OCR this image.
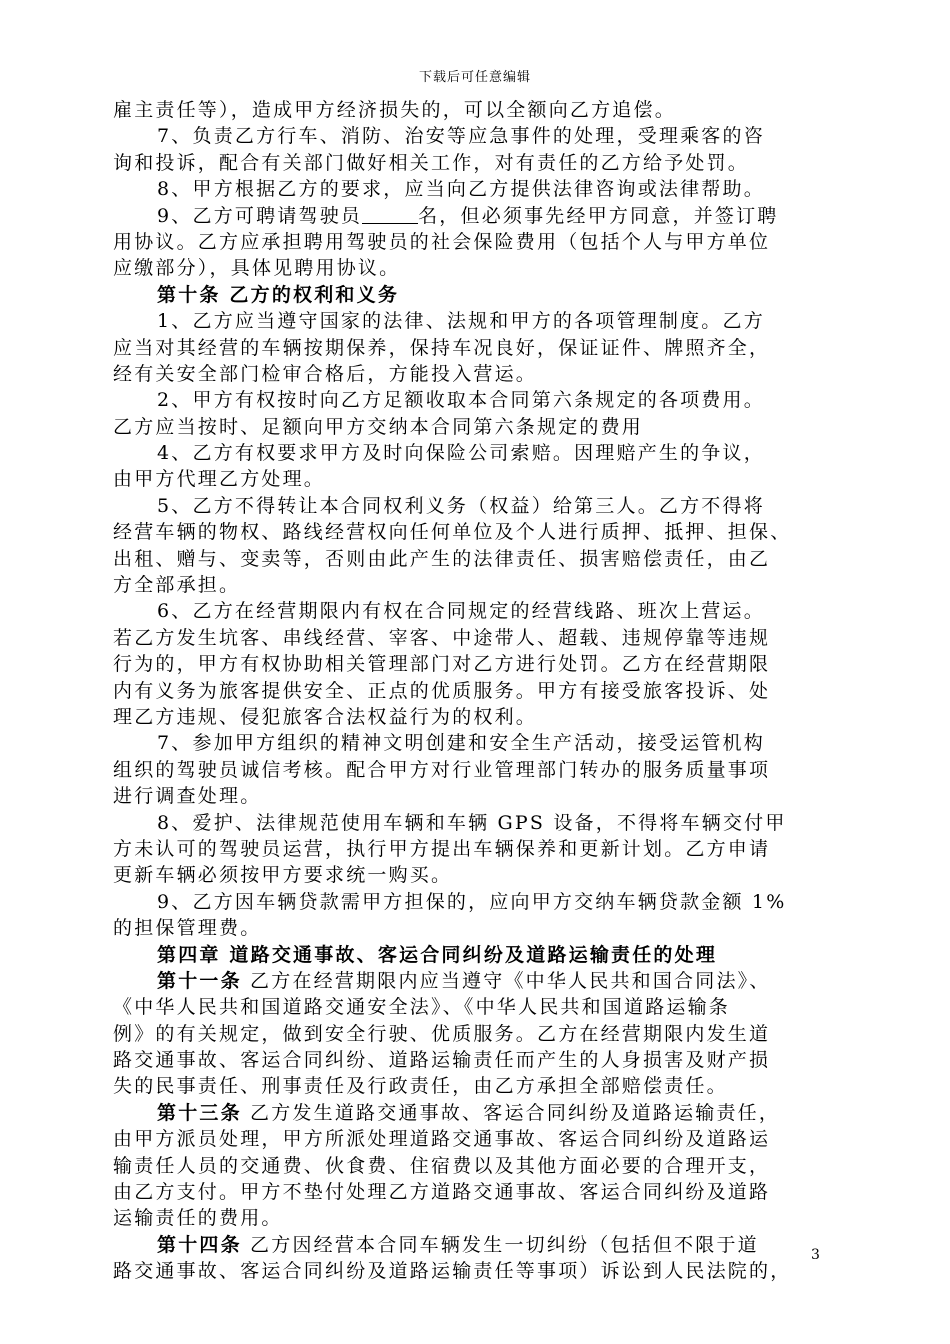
下载后可任意编辑
雇主责任等），造成甲方经济损失的，可以全额向乙方追偿。
7、负责乙方行车、消防、治安等应急事件的处理，受理乘客的咨
询和投诉，配合有关部门做好相关工作，对有责任的乙方给予处罚。
8、甲方根据乙方的要求，应当向乙方提供法律咨询或法律帮助。
9、乙方可聘请驾驶员	名，但必须事先经甲方同意，并签订聘
用协议。乙方应承担聘用驾驶员的社会保险费用（包括个人与甲方单位
应缴部分），具体见聘用协议。
第十条 乙方的权利和义务
1、乙方应当遵守国家的法律、法规和甲方的各项管理制度。乙方
应当对其经营的车辆按期保养，保持车况良好，保证证件、牌照齐全，
经有关安全部门检审合格后，方能投入营运。
2、甲方有权按时向乙方足额收取本合同第六条规定的各项费用。
乙方应当按时、足额向甲方交纳本合同第六条规定的费用
4、乙方有权要求甲方及时向保险公司索赔。因理赔产生的争议，
由甲方代理乙方处理。
5、乙方不得转让本合同权利义务（权益）给第三人。乙方不得将
经营车辆的物权、路线经营权向任何单位及个人进行质押、抵押、担保、
出租、赠与、变卖等，否则由此产生的法律责任、损害赔偿责任，由乙
方全部承担。
6、乙方在经营期限内有权在合同规定的经营线路、班次上营运。
若乙方发生坑客、串线经营、宰客、中途带人、超载、违规停靠等违规
行为的，甲方有权协助相关管理部门对乙方进行处罚。乙方在经营期限
内有义务为旅客提供安全、正点的优质服务。甲方有接受旅客投诉、处
理乙方违规、侵犯旅客合法权益行为的权利。
7、参加甲方组织的精神文明创建和安全生产活动，接受运管机构
组织的驾驶员诚信考核。配合甲方对行业管理部门转办的服务质量事项
进行调查处理。
8、爱护、法律规范使用车辆和车辆 GPS 设备，不得将车辆交付甲
方未认可的驾驶员运营，执行甲方提出车辆保养和更新计划。乙方申请
更新车辆必须按甲方要求统一购买。
9、乙方因车辆贷款需甲方担保的，应向甲方交纳车辆贷款金额 1%
的担保管理费。
第四章 道路交通事故、客运合同纠纷及道路运输责任的处理
第十一条 乙方在经营期限内应当遵守《中华人民共和国合同法》、
《中华人民共和国道路交通安全法》、《中华人民共和国道路运输条
例》的有关规定，做到安全行驶、优质服务。乙方在经营期限内发生道
路交通事故、客运合同纠纷、道路运输责任而产生的人身损害及财产损
失的民事责任、刑事责任及行政责任，由乙方承担全部赔偿责任。
第十三条 乙方发生道路交通事故、客运合同纠纷及道路运输责任，
由甲方派员处理，甲方所派处理道路交通事故、客运合同纠纷及道路运
输责任人员的交通费、伙食费、住宿费以及其他方面必要的合理开支，
由乙方支付。甲方不垫付处理乙方道路交通事故、客运合同纠纷及道路
运输责任的费用。
第十四条 乙方因经营本合同车辆发生一切纠纷（包括但不限于道
路交通事故、客运合同纠纷及道路运输责任等事项）诉讼到人民法院的，
3
